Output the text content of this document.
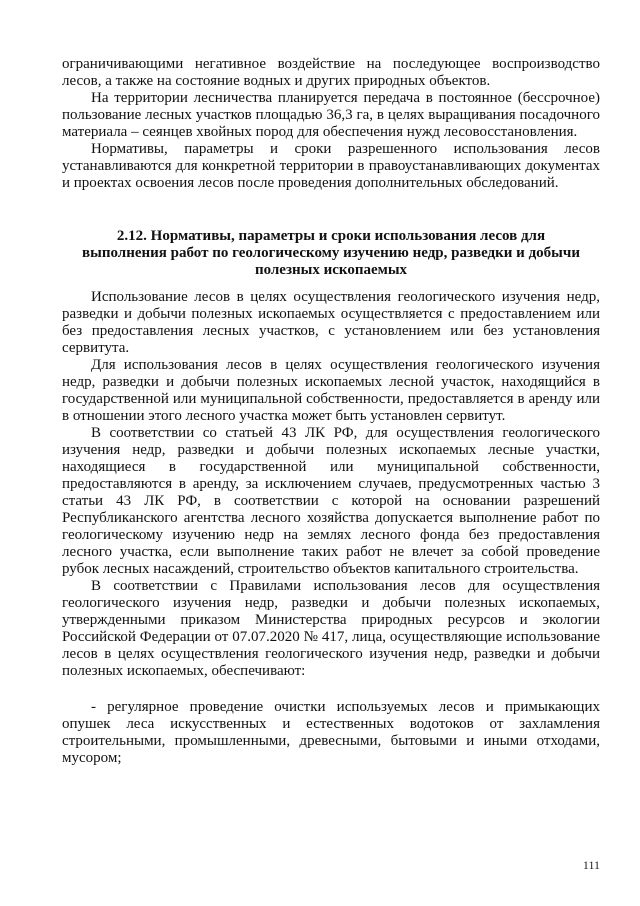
ограничивающими негативное воздействие на последующее воспроизводство лесов, а также на состояние водных и других природных объектов.

На территории лесничества планируется передача в постоянное (бессрочное) пользование лесных участков площадью 36,3 га, в целях выращивания посадочного материала – сеянцев хвойных пород для обеспечения нужд лесовосстановления.

Нормативы, параметры и сроки разрешенного использования лесов устанавливаются для конкретной территории в правоустанавливающих документах и проектах освоения лесов после проведения дополнительных обследований.

2.12. Нормативы, параметры и сроки использования лесов для выполнения работ по геологическому изучению недр, разведки и добычи полезных ископаемых

Использование лесов в целях осуществления геологического изучения недр, разведки и добычи полезных ископаемых осуществляется с предоставлением или без предоставления лесных участков, с установлением или без установления сервитута.

Для использования лесов в целях осуществления геологического изучения недр, разведки и добычи полезных ископаемых лесной участок, находящийся в государственной или муниципальной собственности, предоставляется в аренду или в отношении этого лесного участка может быть установлен сервитут.

В соответствии со статьей 43 ЛК РФ, для осуществления геологического изучения недр, разведки и добычи полезных ископаемых лесные участки, находящиеся в государственной или муниципальной собственности, предоставляются в аренду, за исключением случаев, предусмотренных частью 3 статьи 43 ЛК РФ, в соответствии с которой на основании разрешений Республиканского агентства лесного хозяйства допускается выполнение работ по геологическому изучению недр на землях лесного фонда без предоставления лесного участка, если выполнение таких работ не влечет за собой проведение рубок лесных насаждений, строительство объектов капитального строительства.

В соответствии с Правилами использования лесов для осуществления геологического изучения недр, разведки и добычи полезных ископаемых, утвержденными приказом Министерства природных ресурсов и экологии Российской Федерации от 07.07.2020 № 417, лица, осуществляющие использование лесов в целях осуществления геологического изучения недр, разведки и добычи полезных ископаемых, обеспечивают:

- регулярное проведение очистки используемых лесов и примыкающих опушек леса искусственных и естественных водотоков от захламления строительными, промышленными, древесными, бытовыми и иными отходами, мусором;

111
